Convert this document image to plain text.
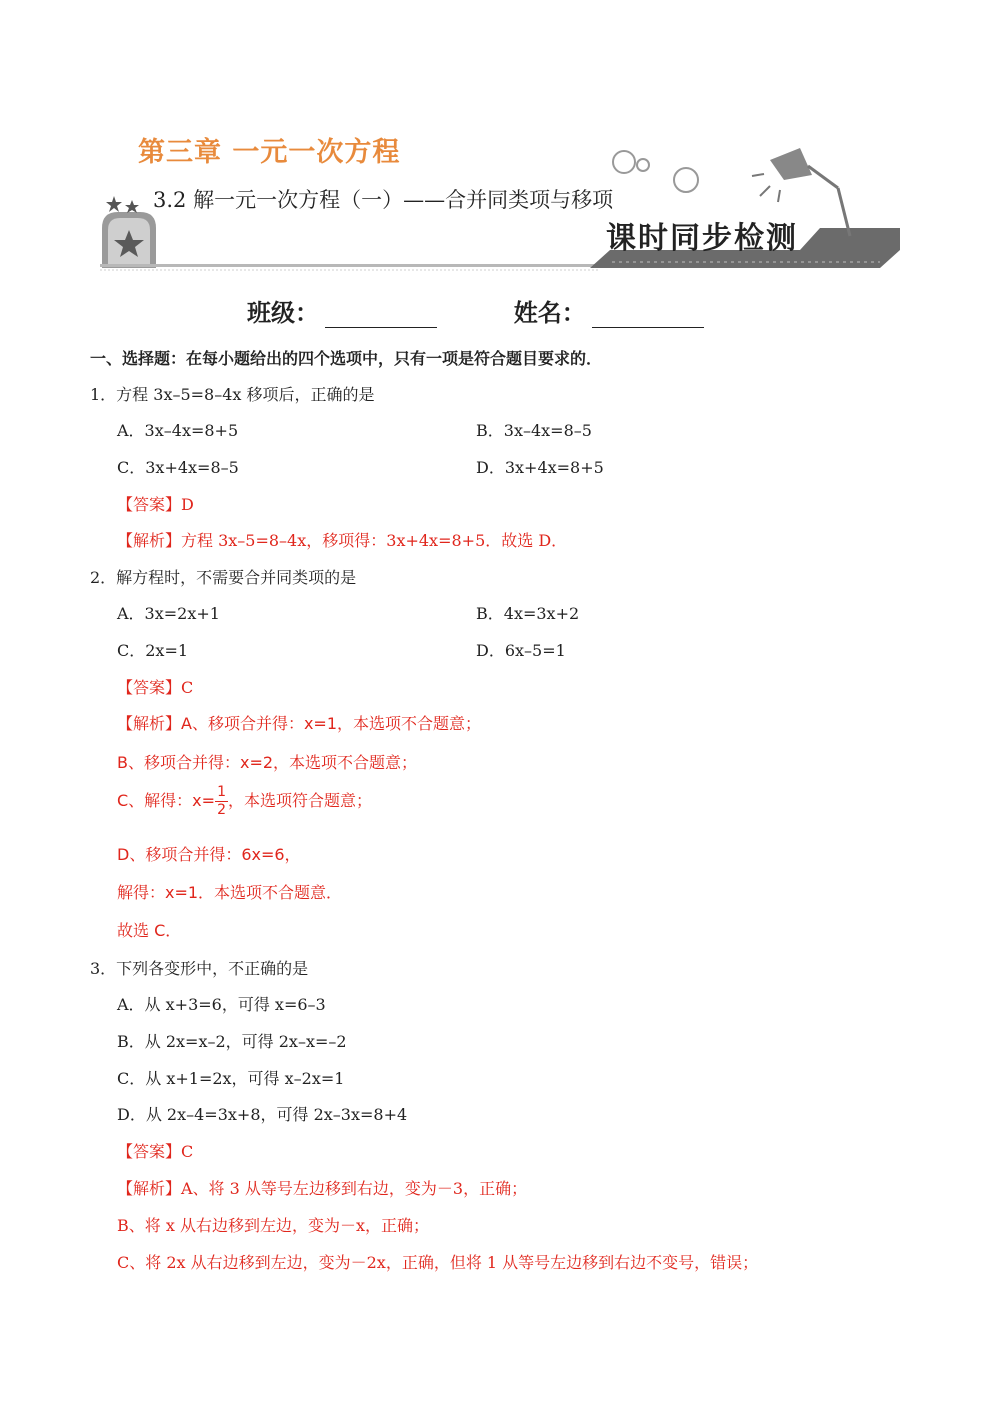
第三章 一元一次方程
3.2 解一元一次方程（一）——合并同类项与移项
课时同步检测
班级：	姓名：
一、选择题：在每小题给出的四个选项中，只有一项是符合题目要求的．
1．方程 3x–5=8–4x 移项后，正确的是
A．3x–4x=8+5	B．3x–4x=8–5
C．3x+4x=8–5	D．3x+4x=8+5
【答案】D
【解析】方程 3x–5=8–4x，移项得：3x+4x=8+5．故选 D．
2．解方程时，不需要合并同类项的是
A．3x=2x+1	B．4x=3x+2
C．2x=1	D．6x–5=1
【答案】C
【解析】A、移项合并得：x=1，本选项不合题意；
B、移项合并得：x=2，本选项不合题意；
C、解得：$x= \frac{1}{2}$ ，本选项符合题意；
D、移项合并得：6x=6，
解得：x=1．本选项不合题意．
故选 C．
3．下列各变形中，不正确的是
A．从 x+3=6，可得 x=6–3
B．从 2x=x–2，可得 2x–x=–2
C．从 x+1=2x，可得 x–2x=1
D．从 2x–4=3x+8，可得 2x–3x=8+4
【答案】C
【解析】A、将 3 从等号左边移到右边，变为－3，正确；
B、将 x 从右边移到左边，变为－x，正确；
C、将 2x 从右边移到左边，变为－2x，正确，但将 1 从等号左边移到右边不变号，错误；
